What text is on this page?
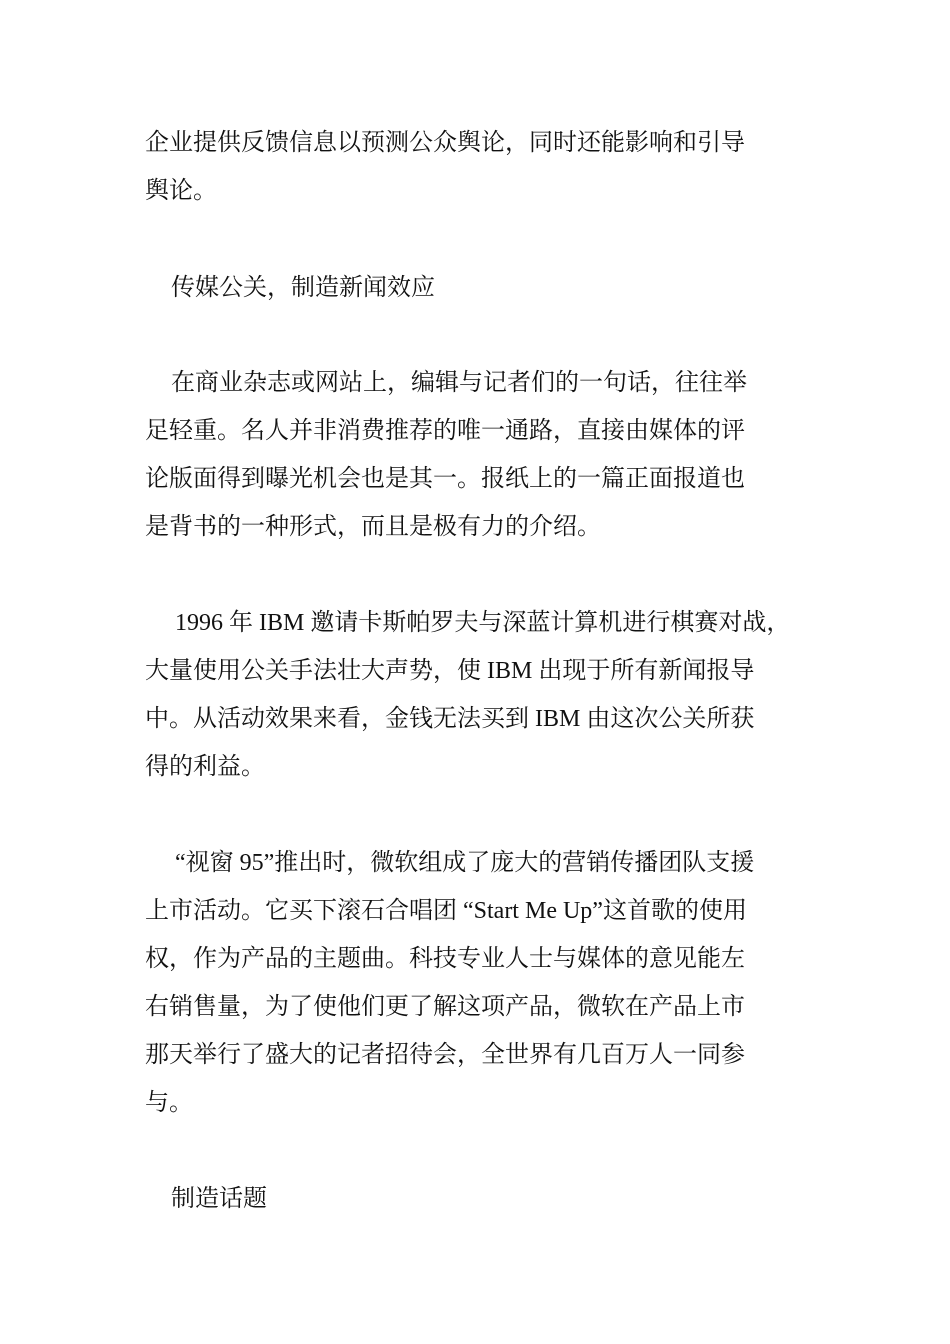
企业提供反馈信息以预测公众舆论，同时还能影响和引导
舆论。
传媒公关，制造新闻效应
在商业杂志或网站上，编辑与记者们的一句话，往往举
足轻重。名人并非消费推荐的唯一通路，直接由媒体的评
论版面得到曝光机会也是其一。报纸上的一篇正面报道也
是背书的一种形式，而且是极有力的介绍。
1996 年 IBM 邀请卡斯帕罗夫与深蓝计算机进行棋赛对战，
大量使用公关手法壮大声势，使 IBM 出现于所有新闻报导
中。从活动效果来看，金钱无法买到 IBM 由这次公关所获
得的利益。
“视窗 95”推出时，微软组成了庞大的营销传播团队支援
上市活动。它买下滚石合唱团 “Start Me Up”这首歌的使用
权，作为产品的主题曲。科技专业人士与媒体的意见能左
右销售量，为了使他们更了解这项产品，微软在产品上市
那天举行了盛大的记者招待会，全世界有几百万人一同参
与。
制造话题
